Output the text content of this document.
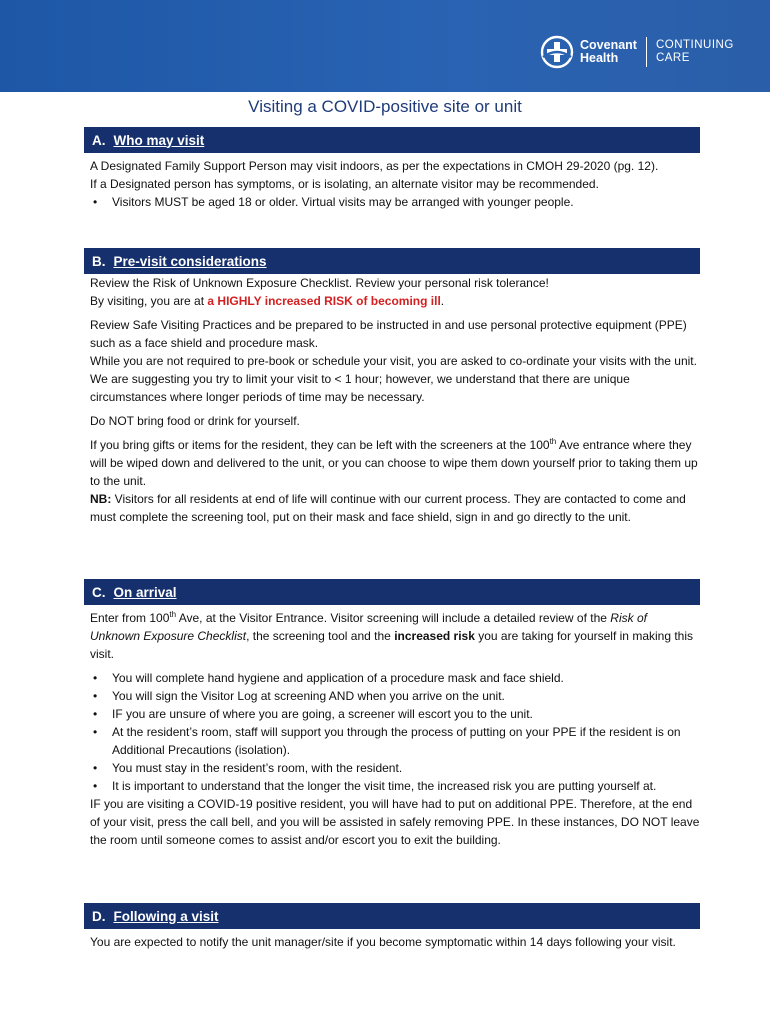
Covenant
Health
CONTINUING
CARE
Visiting a COVID-positive site or unit
A. Who may visit

A Designated Family Support Person may visit indoors, as per the expectations in CMOH 29-2020 (pg. 12).

If a Designated person has symptoms, or is isolating, an alternate visitor may be recommended.

• Visitors MUST be aged 18 or older. Virtual visits may be arranged with younger people.
B. Pre-visit considerations

Review the Risk of Unknown Exposure Checklist. Review your personal risk tolerance!

By visiting, you are at a HIGHLY increased RISK of becoming ill.

Review Safe Visiting Practices and be prepared to be instructed in and use personal protective equipment (PPE) such as a face shield and procedure mask.

While you are not required to pre-book or schedule your visit, you are asked to co-ordinate your visits with the unit.

We are suggesting you try to limit your visit to < 1 hour; however, we understand that there are unique circumstances where longer periods of time may be necessary.

Do NOT bring food or drink for yourself.

If you bring gifts or items for the resident, they can be left with the screeners at the 100th Ave entrance where they will be wiped down and delivered to the unit, or you can choose to wipe them down yourself prior to taking them up to the unit.

NB: Visitors for all residents at end of life will continue with our current process. They are contacted to come and must complete the screening tool, put on their mask and face shield, sign in and go directly to the unit.

C. On arrival

Enter from 100th Ave, at the Visitor Entrance. Visitor screening will include a detailed review of the Risk of Unknown Exposure Checklist, the screening tool and the increased risk you are taking for yourself in making this visit.

• You will complete hand hygiene and application of a procedure mask and face shield.
• You will sign the Visitor Log at screening AND when you arrive on the unit.
• IF you are unsure of where you are going, a screener will escort you to the unit.
• At the resident’s room, staff will support you through the process of putting on your PPE if the resident is on Additional Precautions (isolation).
• You must stay in the resident’s room, with the resident.
• It is important to understand that the longer the visit time, the increased risk you are putting yourself at.

IF you are visiting a COVID-19 positive resident, you will have had to put on additional PPE. Therefore, at the end of your visit, press the call bell, and you will be assisted in safely removing PPE. In these instances, DO NOT leave the room until someone comes to assist and/or escort you to exit the building.

D. Following a visit

You are expected to notify the unit manager/site if you become symptomatic within 14 days following your visit.
